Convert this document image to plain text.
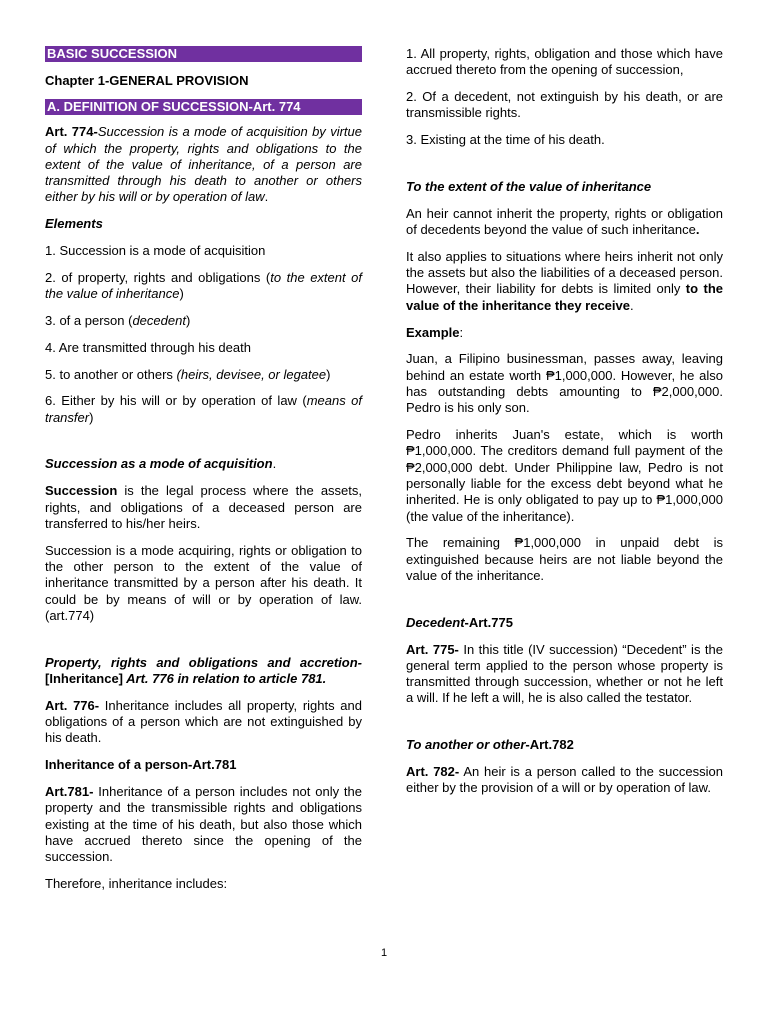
BASIC SUCCESSION

Chapter 1-GENERAL PROVISION

A. DEFINITION OF SUCCESSION-Art. 774

Art. 774-Succession is a mode of acquisition by virtue of which the property, rights and obligations to the extent of the value of inheritance, of a person are transmitted through his death to another or others either by his will or by operation of law.

Elements

1. Succession is a mode of acquisition

2. of property, rights and obligations (to the extent of the value of inheritance)

3. of a person (decedent)

4. Are transmitted through his death

5. to another or others (heirs, devisee, or legatee)

6. Either by his will or by operation of law (means of transfer)

Succession as a mode of acquisition.

Succession is the legal process where the assets, rights, and obligations of a deceased person are transferred to his/her heirs.

Succession is a mode acquiring, rights or obligation to the other person to the extent of the value of inheritance transmitted by a person after his death. It could be by means of will or by operation of law. (art.774)

Property, rights and obligations and accretion-[Inheritance] Art. 776 in relation to article 781.

Art. 776- Inheritance includes all property, rights and obligations of a person which are not extinguished by his death.

Inheritance of a person-Art.781

Art.781- Inheritance of a person includes not only the property and the transmissible rights and obligations existing at the time of his death, but also those which have accrued thereto since the opening of the succession.

Therefore, inheritance includes:

1. All property, rights, obligation and those which have accrued thereto from the opening of succession,

2. Of a decedent, not extinguish by his death, or are transmissible rights.

3. Existing at the time of his death.

To the extent of the value of inheritance

An heir cannot inherit the property, rights or obligation of decedents beyond the value of such inheritance.

It also applies to situations where heirs inherit not only the assets but also the liabilities of a deceased person. However, their liability for debts is limited only to the value of the inheritance they receive.

Example:

Juan, a Filipino businessman, passes away, leaving behind an estate worth ₱1,000,000. However, he also has outstanding debts amounting to ₱2,000,000. Pedro is his only son.

Pedro inherits Juan's estate, which is worth ₱1,000,000. The creditors demand full payment of the ₱2,000,000 debt. Under Philippine law, Pedro is not personally liable for the excess debt beyond what he inherited. He is only obligated to pay up to ₱1,000,000 (the value of the inheritance).

The remaining ₱1,000,000 in unpaid debt is extinguished because heirs are not liable beyond the value of the inheritance.

Decedent-Art.775

Art. 775- In this title (IV succession) “Decedent” is the general term applied to the person whose property is transmitted through succession, whether or not he left a will. If he left a will, he is also called the testator.

To another or other-Art.782

Art. 782- An heir is a person called to the succession either by the provision of a will or by operation of law.

1
